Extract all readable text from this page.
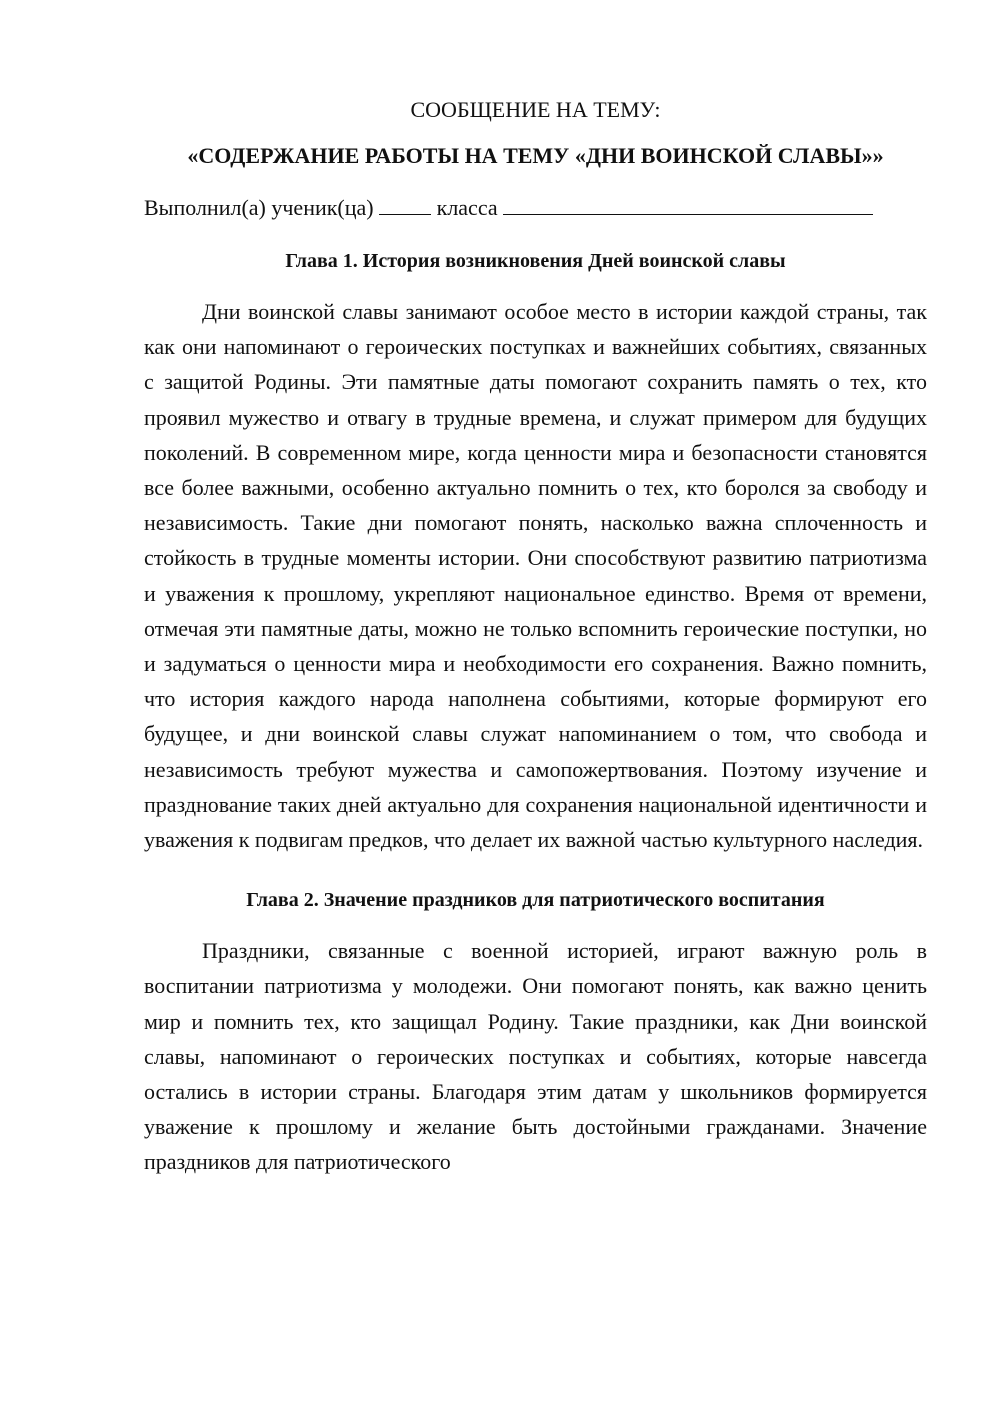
СООБЩЕНИЕ НА ТЕМУ:

«СОДЕРЖАНИЕ РАБОТЫ НА ТЕМУ «ДНИ ВОИНСКОЙ СЛАВЫ»»

Выполнил(а) ученик(ца)	класса
Глава 1. История возникновения Дней воинской славы

Дни воинской славы занимают особое место в истории каждой страны, так как они напоминают о героических поступках и важнейших событиях, связанных с защитой Родины. Эти памятные даты помогают сохранить память о тех, кто проявил мужество и отвагу в трудные времена, и служат примером для будущих поколений. В современном мире, когда ценности мира и безопасности становятся все более важными, особенно актуально помнить о тех, кто боролся за свободу и независимость. Такие дни помогают понять, насколько важна сплоченность и стойкость в трудные моменты истории. Они способствуют развитию патриотизма и уважения к прошлому, укрепляют национальное единство. Время от времени, отмечая эти памятные даты, можно не только вспомнить героические поступки, но и задуматься о ценности мира и необходимости его сохранения. Важно помнить, что история каждого народа наполнена событиями, которые формируют его будущее, и дни воинской славы служат напоминанием о том, что свобода и независимость требуют мужества и самопожертвования. Поэтому изучение и празднование таких дней актуально для сохранения национальной идентичности и уважения к подвигам предков, что делает их важной частью культурного наследия.

Глава 2. Значение праздников для патриотического воспитания

Праздники, связанные с военной историей, играют важную роль в воспитании патриотизма у молодежи. Они помогают понять, как важно ценить мир и помнить тех, кто защищал Родину. Такие праздники, как Дни воинской славы, напоминают о героических поступках и событиях, которые навсегда остались в истории страны. Благодаря этим датам у школьников формируется уважение к прошлому и желание быть достойными гражданами. Значение праздников для патриотического
